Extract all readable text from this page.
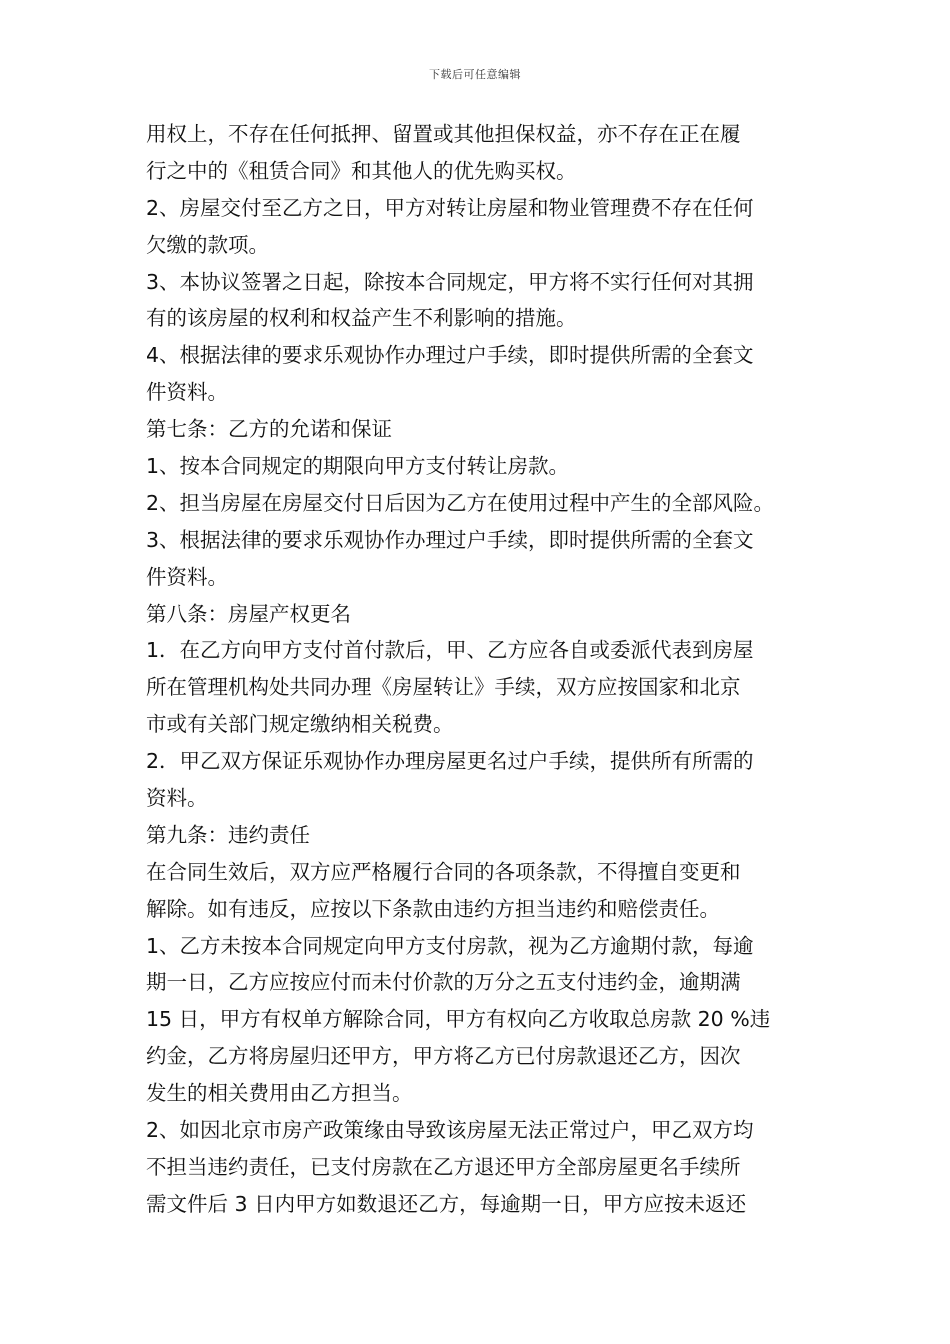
下载后可任意编辑
用权上，不存在任何抵押、留置或其他担保权益，亦不存在正在履
行之中的《租赁合同》和其他人的优先购买权。
2、房屋交付至乙方之日，甲方对转让房屋和物业管理费不存在任何
欠缴的款项。
3、本协议签署之日起，除按本合同规定，甲方将不实行任何对其拥
有的该房屋的权利和权益产生不利影响的措施。
4、根据法律的要求乐观协作办理过户手续，即时提供所需的全套文
件资料。
第七条：乙方的允诺和保证
1、按本合同规定的期限向甲方支付转让房款。
2、担当房屋在房屋交付日后因为乙方在使用过程中产生的全部风险。
3、根据法律的要求乐观协作办理过户手续，即时提供所需的全套文
件资料。
第八条：房屋产权更名
1．在乙方向甲方支付首付款后，甲、乙方应各自或委派代表到房屋
所在管理机构处共同办理《房屋转让》手续，双方应按国家和北京
市或有关部门规定缴纳相关税费。
2．甲乙双方保证乐观协作办理房屋更名过户手续，提供所有所需的
资料。
第九条：违约责任
在合同生效后，双方应严格履行合同的各项条款，不得擅自变更和
解除。如有违反，应按以下条款由违约方担当违约和赔偿责任。
1、乙方未按本合同规定向甲方支付房款，视为乙方逾期付款，每逾
期一日，乙方应按应付而未付价款的万分之五支付违约金，逾期满
15 日，甲方有权单方解除合同，甲方有权向乙方收取总房款 20 %违
约金，乙方将房屋归还甲方，甲方将乙方已付房款退还乙方，因次
发生的相关费用由乙方担当。
2、如因北京市房产政策缘由导致该房屋无法正常过户，甲乙双方均
不担当违约责任，已支付房款在乙方退还甲方全部房屋更名手续所
需文件后 3 日内甲方如数退还乙方，每逾期一日，甲方应按未返还
